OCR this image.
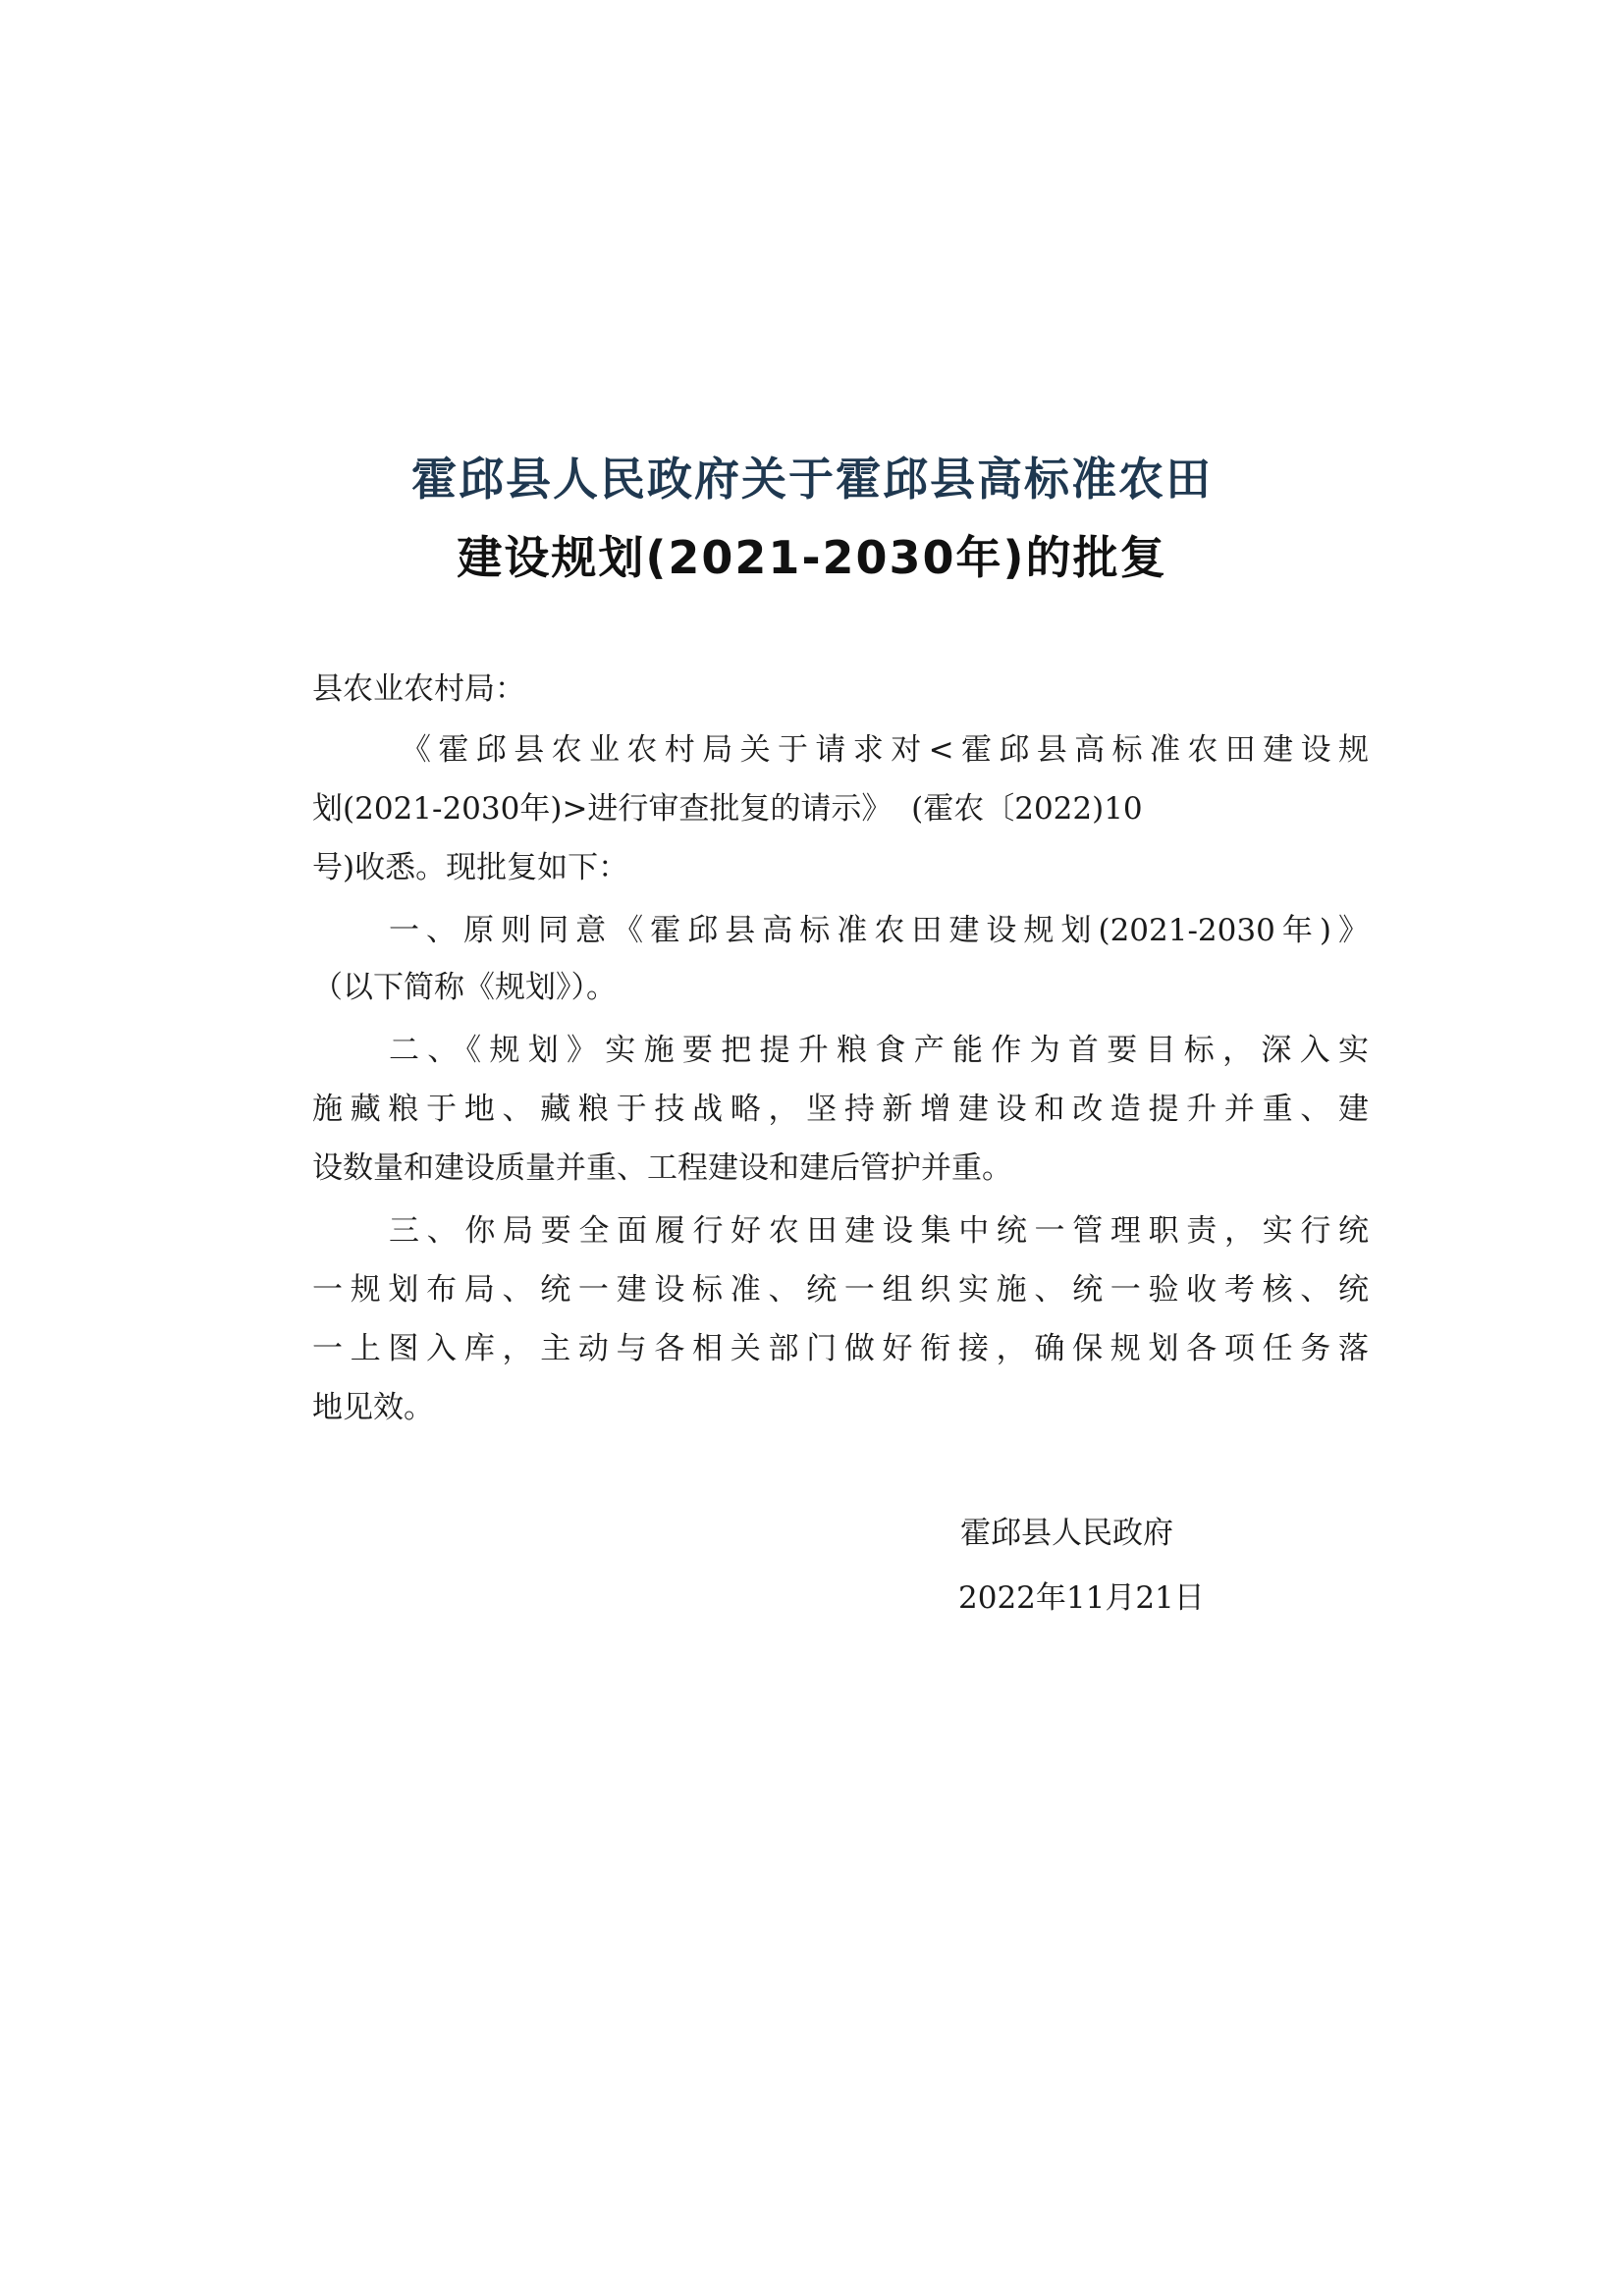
霍邱县人民政府关于霍邱县高标准农田
建设规划(2021-2030年)的批复
县农业农村局：
《霍邱县农业农村局关于请求对<霍邱县高标准农田建设规
划(2021-2030年)>进行审查批复的请示》  (霍农〔2022)10
号)收悉。现批复如下：
一、原则同意《霍邱县高标准农田建设规划(2021-2030年)》
（以下简称《规划》）。
二、《规划》实施要把提升粮食产能作为首要目标，深入实
施藏粮于地、藏粮于技战略，坚持新增建设和改造提升并重、建
设数量和建设质量并重、工程建设和建后管护并重。
三、你局要全面履行好农田建设集中统一管理职责，实行统
一规划布局、统一建设标准、统一组织实施、统一验收考核、统
一上图入库，主动与各相关部门做好衔接，确保规划各项任务落
地见效。
霍邱县人民政府
2022年11月21日
